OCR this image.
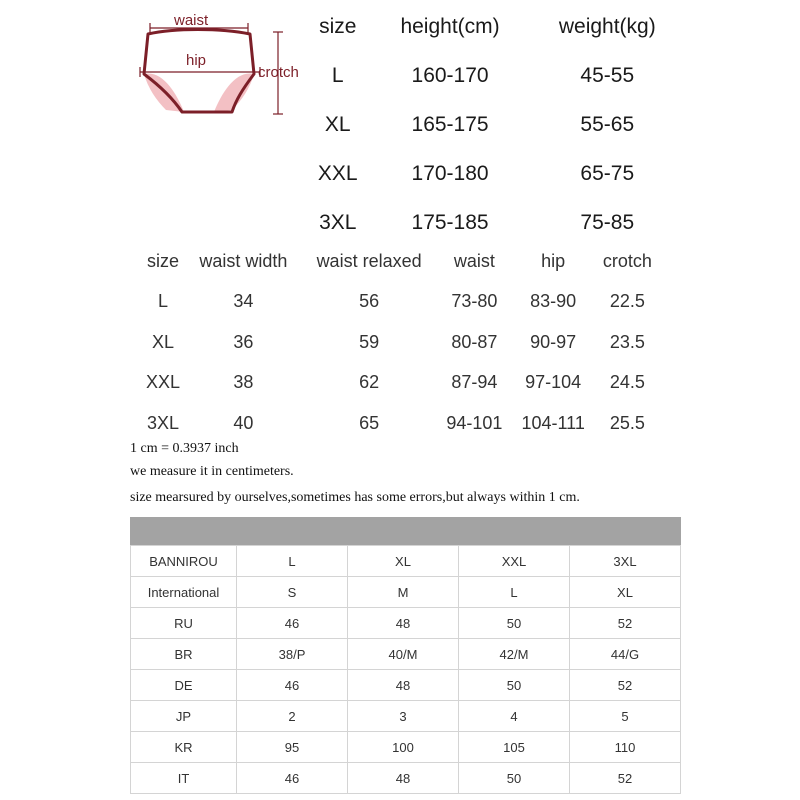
waist
hip
crotch
size	height(cm)	weight(kg)
L	160-170	45-55
XL	165-175	55-65
XXL	170-180	65-75
3XL	175-185	75-85
size	waist width	waist relaxed	waist	hip	crotch
L	34	56	73-80	83-90	22.5
XL	36	59	80-87	90-97	23.5
XXL	38	62	87-94	97-104	24.5
3XL	40	65	94-101	104-111	25.5
1 cm = 0.3937 inch
we measure it in centimeters.
size mearsured by ourselves,sometimes has some errors,but always within 1 cm.
BANNIROU	L	XL	XXL	3XL
International	S	M	L	XL
RU	46	48	50	52
BR	38/P	40/M	42/M	44/G
DE	46	48	50	52
JP	2	3	4	5
KR	95	100	105	110
IT	46	48	50	52
